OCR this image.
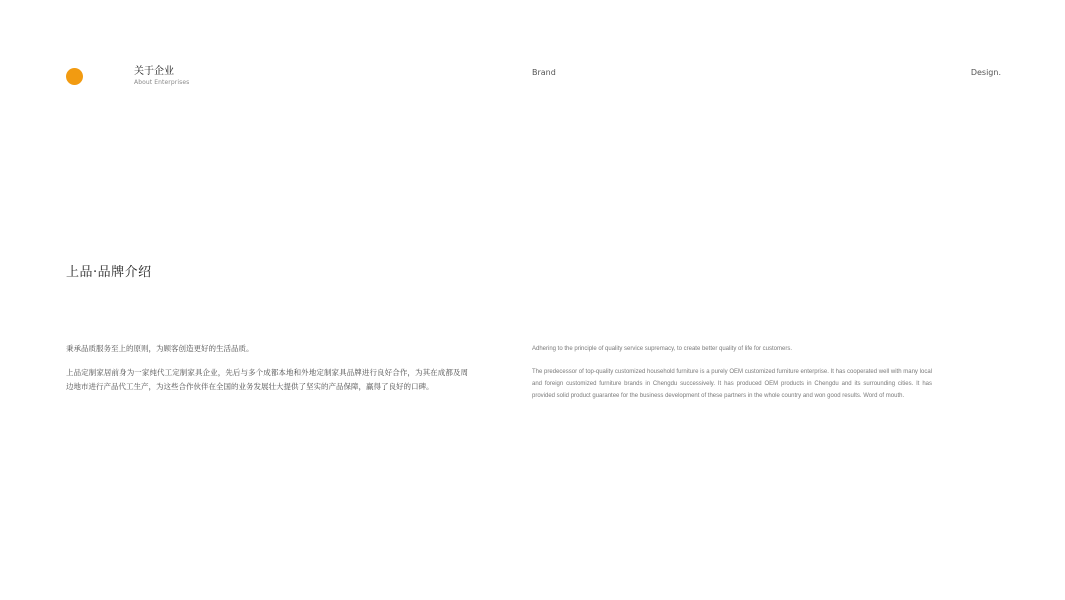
关于企业
About Enterprises
Brand	Design.
上品·品牌介绍

秉承品质服务至上的原则，为顾客创造更好的生活品质。

上品定制家居前身为一家纯代工定制家具企业，先后与多个成都本地和外地定制家具品牌进行良好合作，为其在成都及周边地市进行产品代工生产，为这些合作伙伴在全国的业务发展壮大提供了坚实的产品保障，赢得了良好的口碑。

Adhering to the principle of quality service supremacy, to create better quality of life for customers.

The predecessor of top-quality customized household furniture is a purely OEM customized furniture enterprise. It has cooperated well with many local and foreign customized furniture brands in Chengdu successively. It has produced OEM products in Chengdu and its surrounding cities. It has provided solid product guarantee for the business development of these partners in the whole country and won good results. Word of mouth.
